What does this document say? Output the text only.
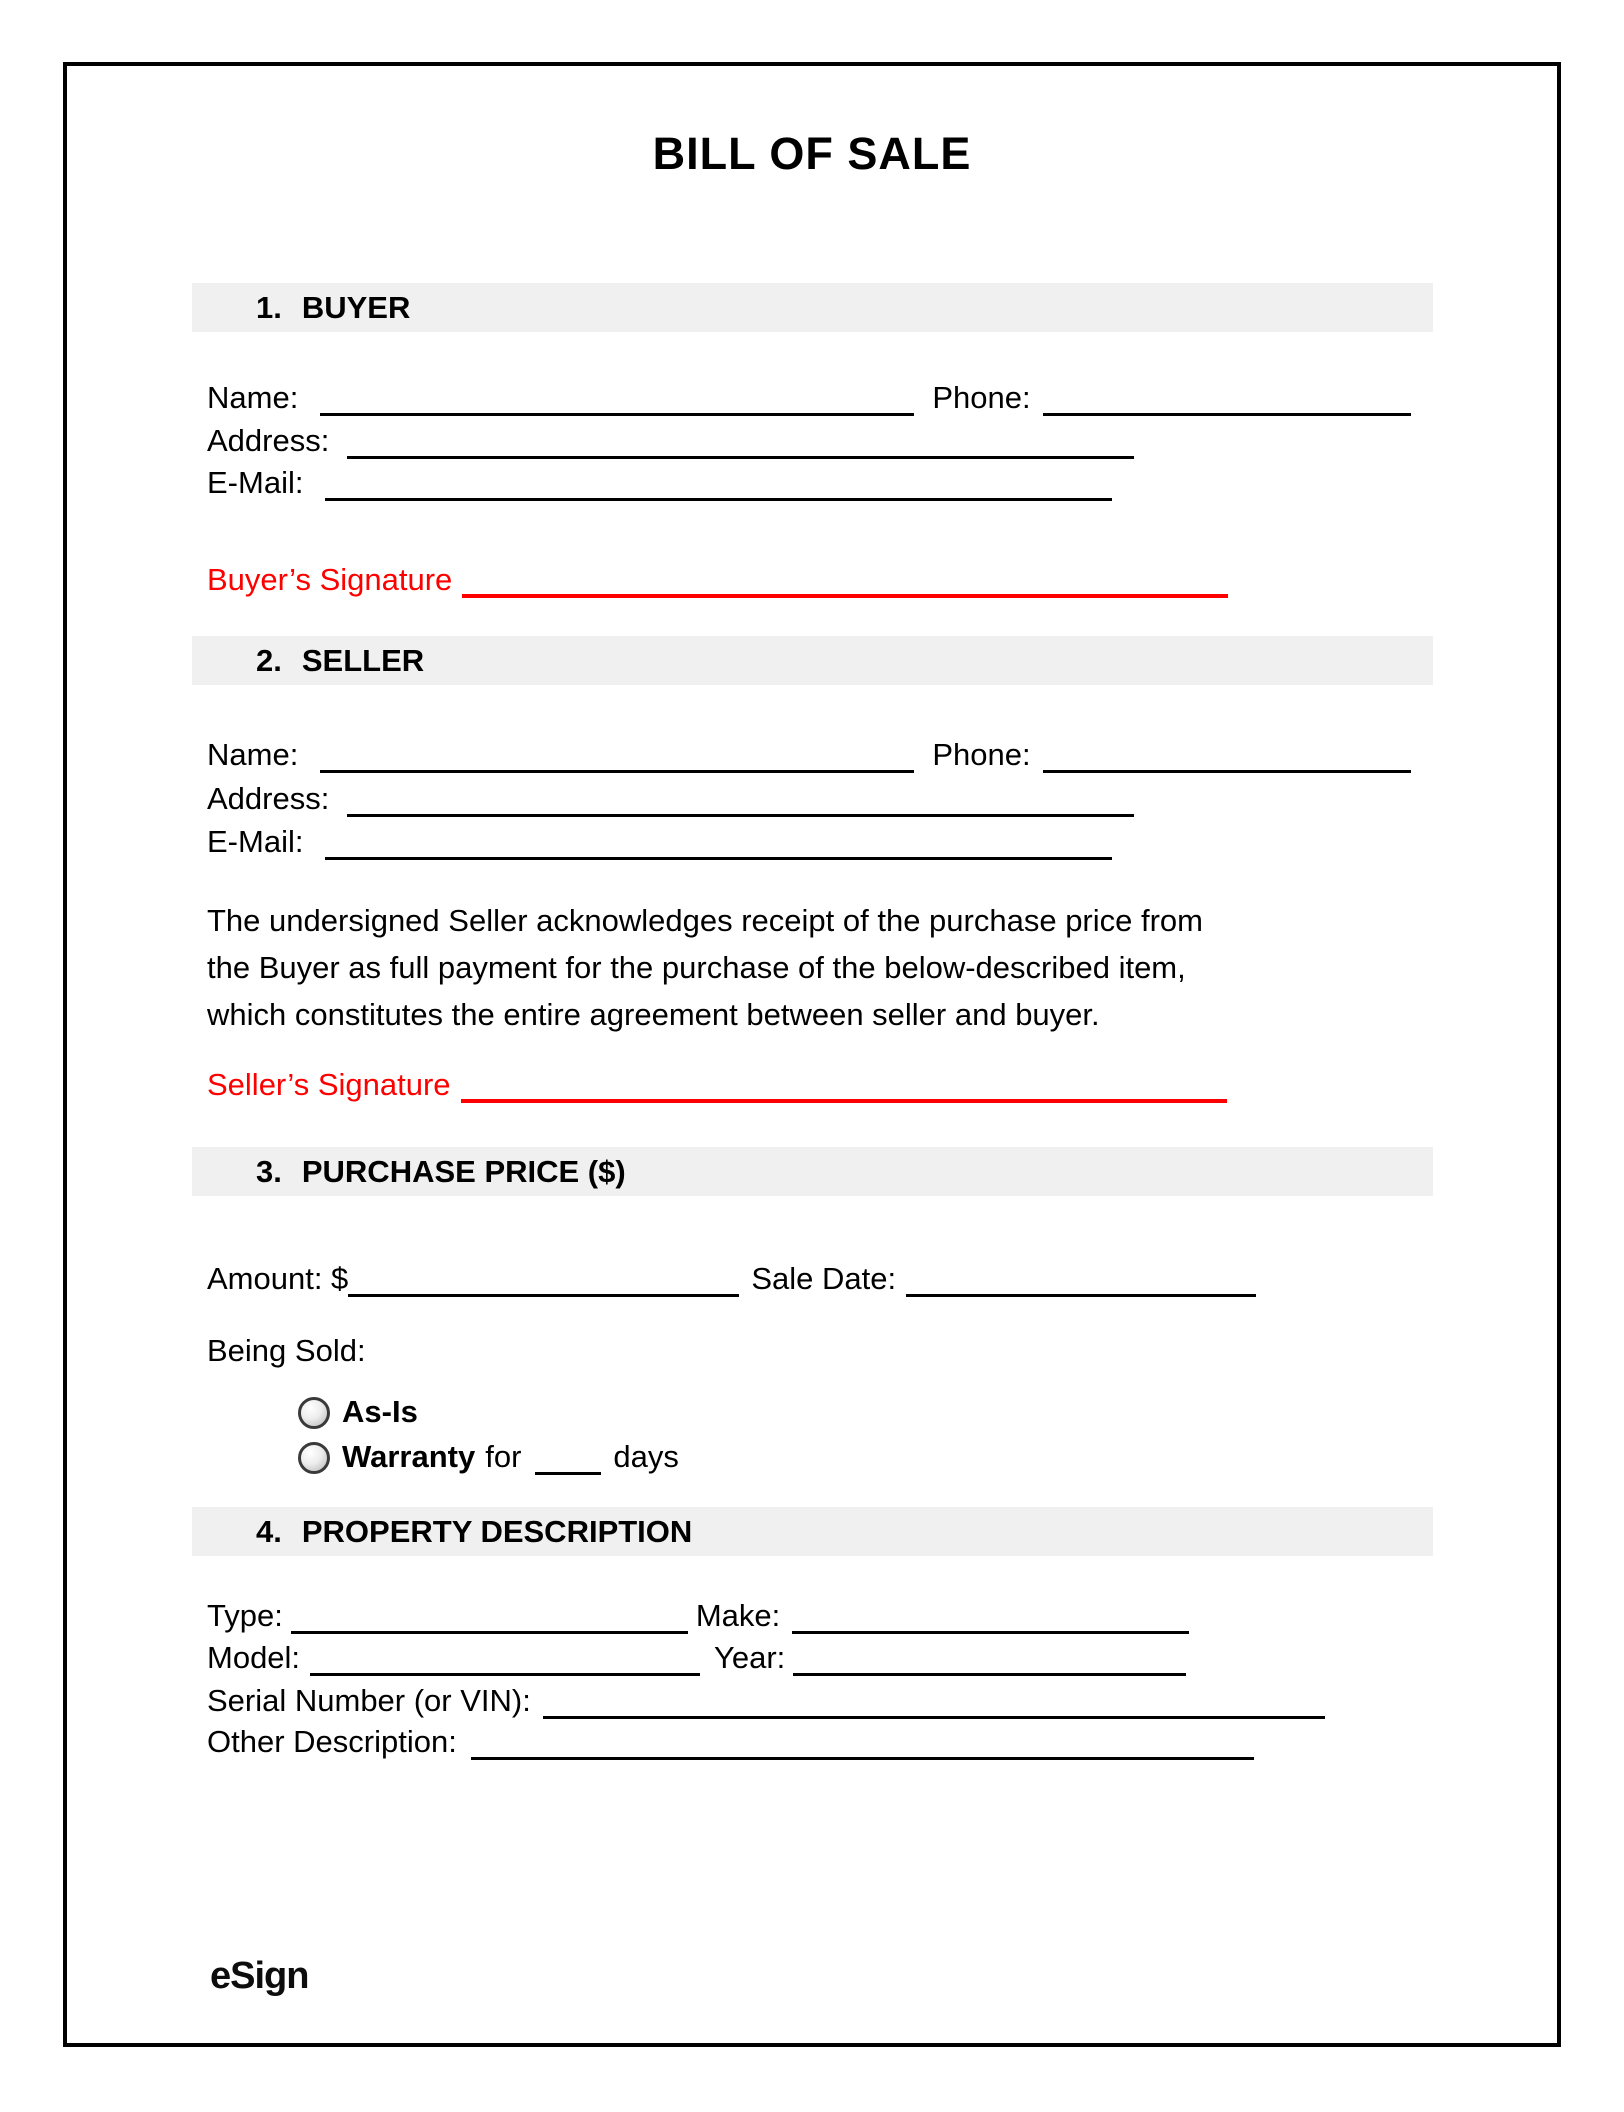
BILL OF SALE
1. BUYER
Name:	Phone:
Address:
E-Mail:
Buyer’s Signature
2. SELLER
Name:	Phone:
Address:
E-Mail:
The undersigned Seller acknowledges receipt of the purchase price from
the Buyer as full payment for the purchase of the below-described item,
which constitutes the entire agreement between seller and buyer.
Seller’s Signature
3. PURCHASE PRICE ($)
Amount: $	Sale Date:
Being Sold:
As-Is
Warranty for	days
4. PROPERTY DESCRIPTION
Type:	Make:
Model:	Year:
Serial Number (or VIN):
Other Description:
eSign
